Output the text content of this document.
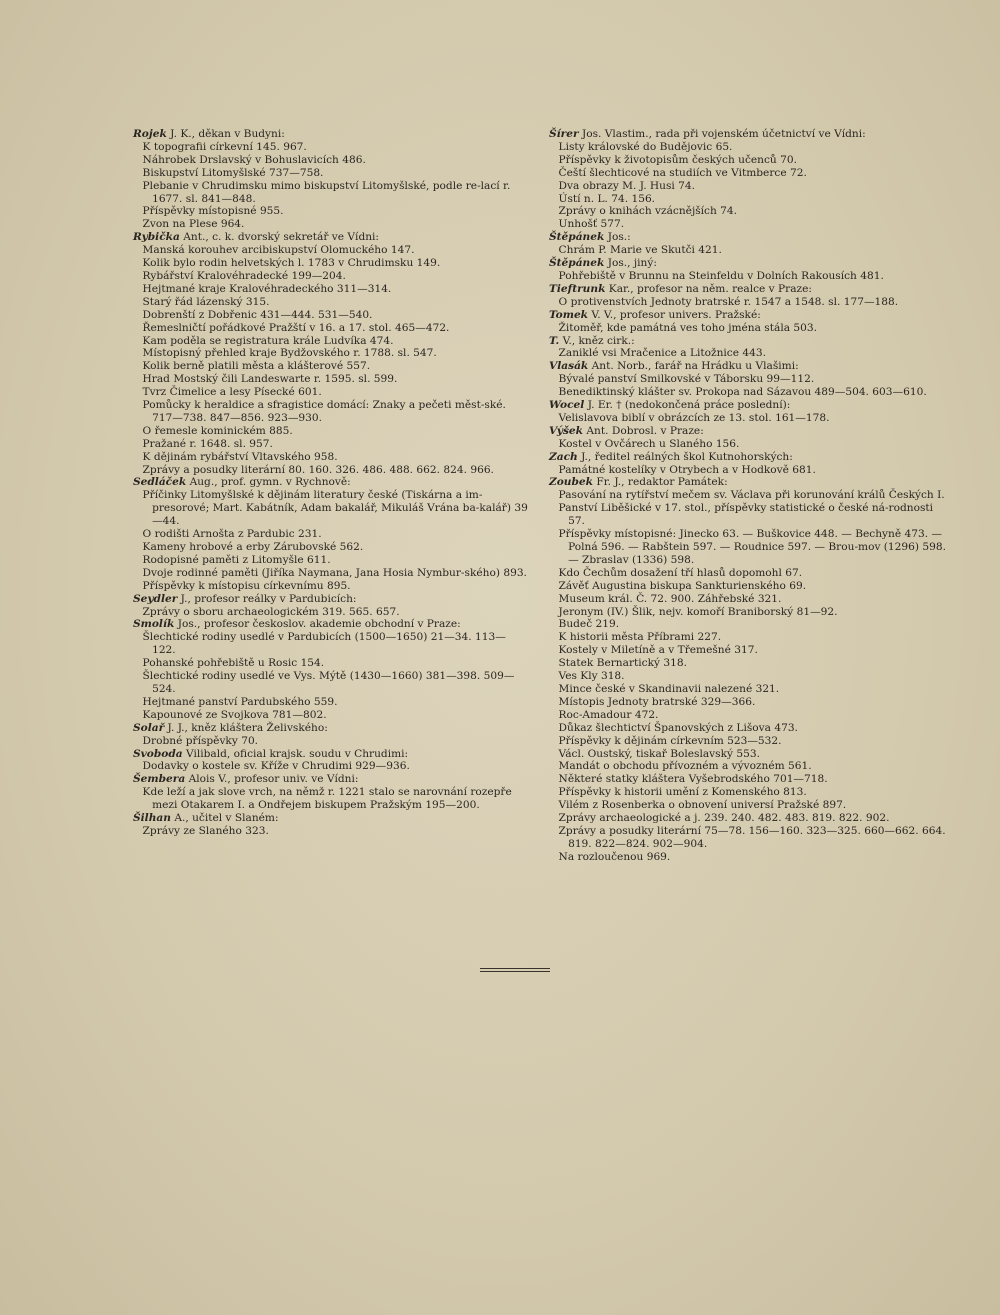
Rojek J. K., děkan v Budyni:
K topografii církevní 145. 967.
Náhrobek Drslavský v Bohuslavicích 486.
Biskupství Litomyšlské 737—758.
Plebanie v Chrudimsku mimo biskupství Litomyšlské, podle re-lací r. 1677. sl. 841—848.
Příspěvky místopisné 955.
Zvon na Plese 964.
Rybička Ant., c. k. dvorský sekretář ve Vídni:
Manská korouhev arcibiskupství Olomuckého 147.
Kolik bylo rodin helvetských l. 1783 v Chrudimsku 149.
Rybářství Kralovéhradecké 199—204.
Hejtmané kraje Kralovéhradeckého 311—314.
Starý řád lázenský 315.
Dobrenští z Dobřenic 431—444. 531—540.
Řemeslničtí pořádkové Pražští v 16. a 17. stol. 465—472.
Kam poděla se registratura krále Ludvíka 474.
Místopisný přehled kraje Bydžovského r. 1788. sl. 547.
Kolik berně platili města a klášterové 557.
Hrad Mostský čili Landeswarte r. 1595. sl. 599.
Tvrz Čimelice a lesy Písecké 601.
Pomůcky k heraldice a sfragistice domácí: Znaky a pečeti měst-ské. 717—738. 847—856. 923—930.
O řemesle kominickém 885.
Pražané r. 1648. sl. 957.
K dějinám rybářství Vltavského 958.
Zprávy a posudky literární 80. 160. 326. 486. 488. 662. 824. 966.
Sedláček Aug., prof. gymn. v Rychnově:
Příčinky Litomyšlské k dějinám literatury české (Tiskárna a im-presorové; Mart. Kabátník, Adam bakalář, Mikuláš Vrána ba-kalář) 39—44.
O rodišti Arnošta z Pardubic 231.
Kameny hrobové a erby Zárubovské 562.
Rodopisné paměti z Litomyšle 611.
Dvoje rodinné paměti (Jiříka Naymana, Jana Hosia Nymbur-ského) 893.
Příspěvky k místopisu církevnímu 895.
Seydler J., profesor reálky v Pardubicích:
Zprávy o sboru archaeologickém 319. 565. 657.
Smolík Jos., profesor českoslov. akademie obchodní v Praze:
Šlechtické rodiny usedlé v Pardubicích (1500—1650) 21—34. 113—122.
Pohanské pohřebiště u Rosic 154.
Šlechtické rodiny usedlé ve Vys. Mýtě (1430—1660) 381—398. 509—524.
Hejtmané panství Pardubského 559.
Kapounové ze Svojkova 781—802.
Solař J. J., kněz kláštera Želivského:
Drobné příspěvky 70.
Svoboda Vilibald, oficial krajsk. soudu v Chrudimi:
Dodavky o kostele sv. Kříže v Chrudimi 929—936.
Šembera Alois V., profesor univ. ve Vídni:
Kde leží a jak slove vrch, na němž r. 1221 stalo se narovnání rozepře mezi Otakarem I. a Ondřejem biskupem Pražským 195—200.
Šilhan A., učitel v Slaném:
Zprávy ze Slaného 323.
Šírer Jos. Vlastim., rada při vojenském účetnictví ve Vídni:
Listy královské do Budějovic 65.
Příspěvky k životopisům českých učenců 70.
Čeští šlechticové na studiích ve Vitmberce 72.
Dva obrazy M. J. Husi 74.
Ústí n. L. 74. 156.
Zprávy o knihách vzácnějších 74.
Unhošť 577.
Štěpánek Jos.:
Chrám P. Marie ve Skutči 421.
Štěpánek Jos., jiný:
Pohřebiště v Brunnu na Steinfeldu v Dolních Rakousích 481.
Tieftrunk Kar., profesor na něm. realce v Praze:
O protivenstvích Jednoty bratrské r. 1547 a 1548. sl. 177—188.
Tomek V. V., profesor univers. Pražské:
Žitoměř, kde památná ves toho jména stála 503.
T. V., kněz cirk.:
Zaniklé vsi Mračenice a Litožnice 443.
Vlasák Ant. Norb., farář na Hrádku u Vlašimi:
Bývalé panství Smilkovské v Táborsku 99—112.
Benediktinský klášter sv. Prokopa nad Sázavou 489—504. 603—610.
Wocel J. Er. † (nedokončená práce poslední):
Velislavova biblí v obrázcích ze 13. stol. 161—178.
Výšek Ant. Dobrosl. v Praze:
Kostel v Ovčárech u Slaného 156.
Zach J., ředitel reálných škol Kutnohorských:
Památné kostelíky v Otrybech a v Hodkově 681.
Zoubek Fr. J., redaktor Památek:
Pasování na rytířství mečem sv. Václava při korunování králů Českých I.
Panství Liběšické v 17. stol., příspěvky statistické o české ná-rodnosti 57.
Příspěvky místopisné: Jinecko 63. — Buškovice 448. — Bechyně 473. — Polná 596. — Rabštein 597. — Roudnice 597. — Brou-mov (1296) 598. — Zbraslav (1336) 598.
Kdo Čechům dosažení tří hlasů dopomohl 67.
Závěť Augustina biskupa Sankturienského 69.
Museum král. Č. 72. 900. Záhřebské 321.
Jeronym (IV.) Šlik, nejv. komoří Braniborský 81—92.
Budeč 219.
K historii města Příbrami 227.
Kostely v Miletíně a v Třemešné 317.
Statek Bernartický 318.
Ves Kly 318.
Mince české v Skandinavii nalezené 321.
Místopis Jednoty bratrské 329—366.
Roc-Amadour 472.
Důkaz šlechtictví Španovských z Lišova 473.
Příspěvky k dějinám církevním 523—532.
Václ. Oustský, tiskař Boleslavský 553.
Mandát o obchodu přívozném a vývozném 561.
Některé statky kláštera Vyšebrodského 701—718.
Příspěvky k historii umění z Komenského 813.
Vilém z Rosenberka o obnovení universí Pražské 897.
Zprávy archaeologické a j. 239. 240. 482. 483. 819. 822. 902.
Zprávy a posudky literární 75—78. 156—160. 323—325. 660—662. 664. 819. 822—824. 902—904.
Na rozloučenou 969.
